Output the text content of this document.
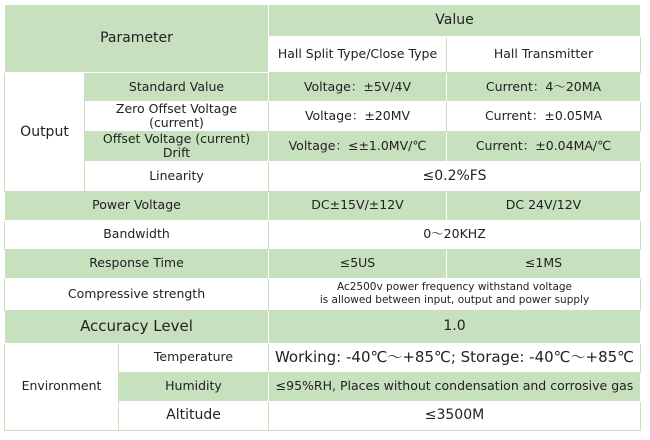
Parameter			Value	
			Hall Split Type/Close Type	Hall Transmitter
Output	Standard Value		Voltage：±5V/4V	Current：4～20MA
	Zero Offset Voltage (current)		Voltage：±20MV	Current：±0.05MA
	Offset Voltage (current) Drift		Voltage：≤±1.0MV/℃	Current：±0.04MA/℃
	Linearity		≤0.2%FS	
Power Voltage			DC±15V/±12V	DC 24V/12V
Bandwidth			0～20KHZ	
Response Time			≤5US	≤1MS
Compressive strength			Ac2500v power frequency withstand voltage
is allowed between input, output and power supply	

Accuracy Level			1.0	
Environment		Temperature	Working: -40℃～+85℃; Storage: -40℃～+85℃	
		Humidity	≤95%RH, Places without condensation and corrosive gas	
		Altitude	≤3500M	
